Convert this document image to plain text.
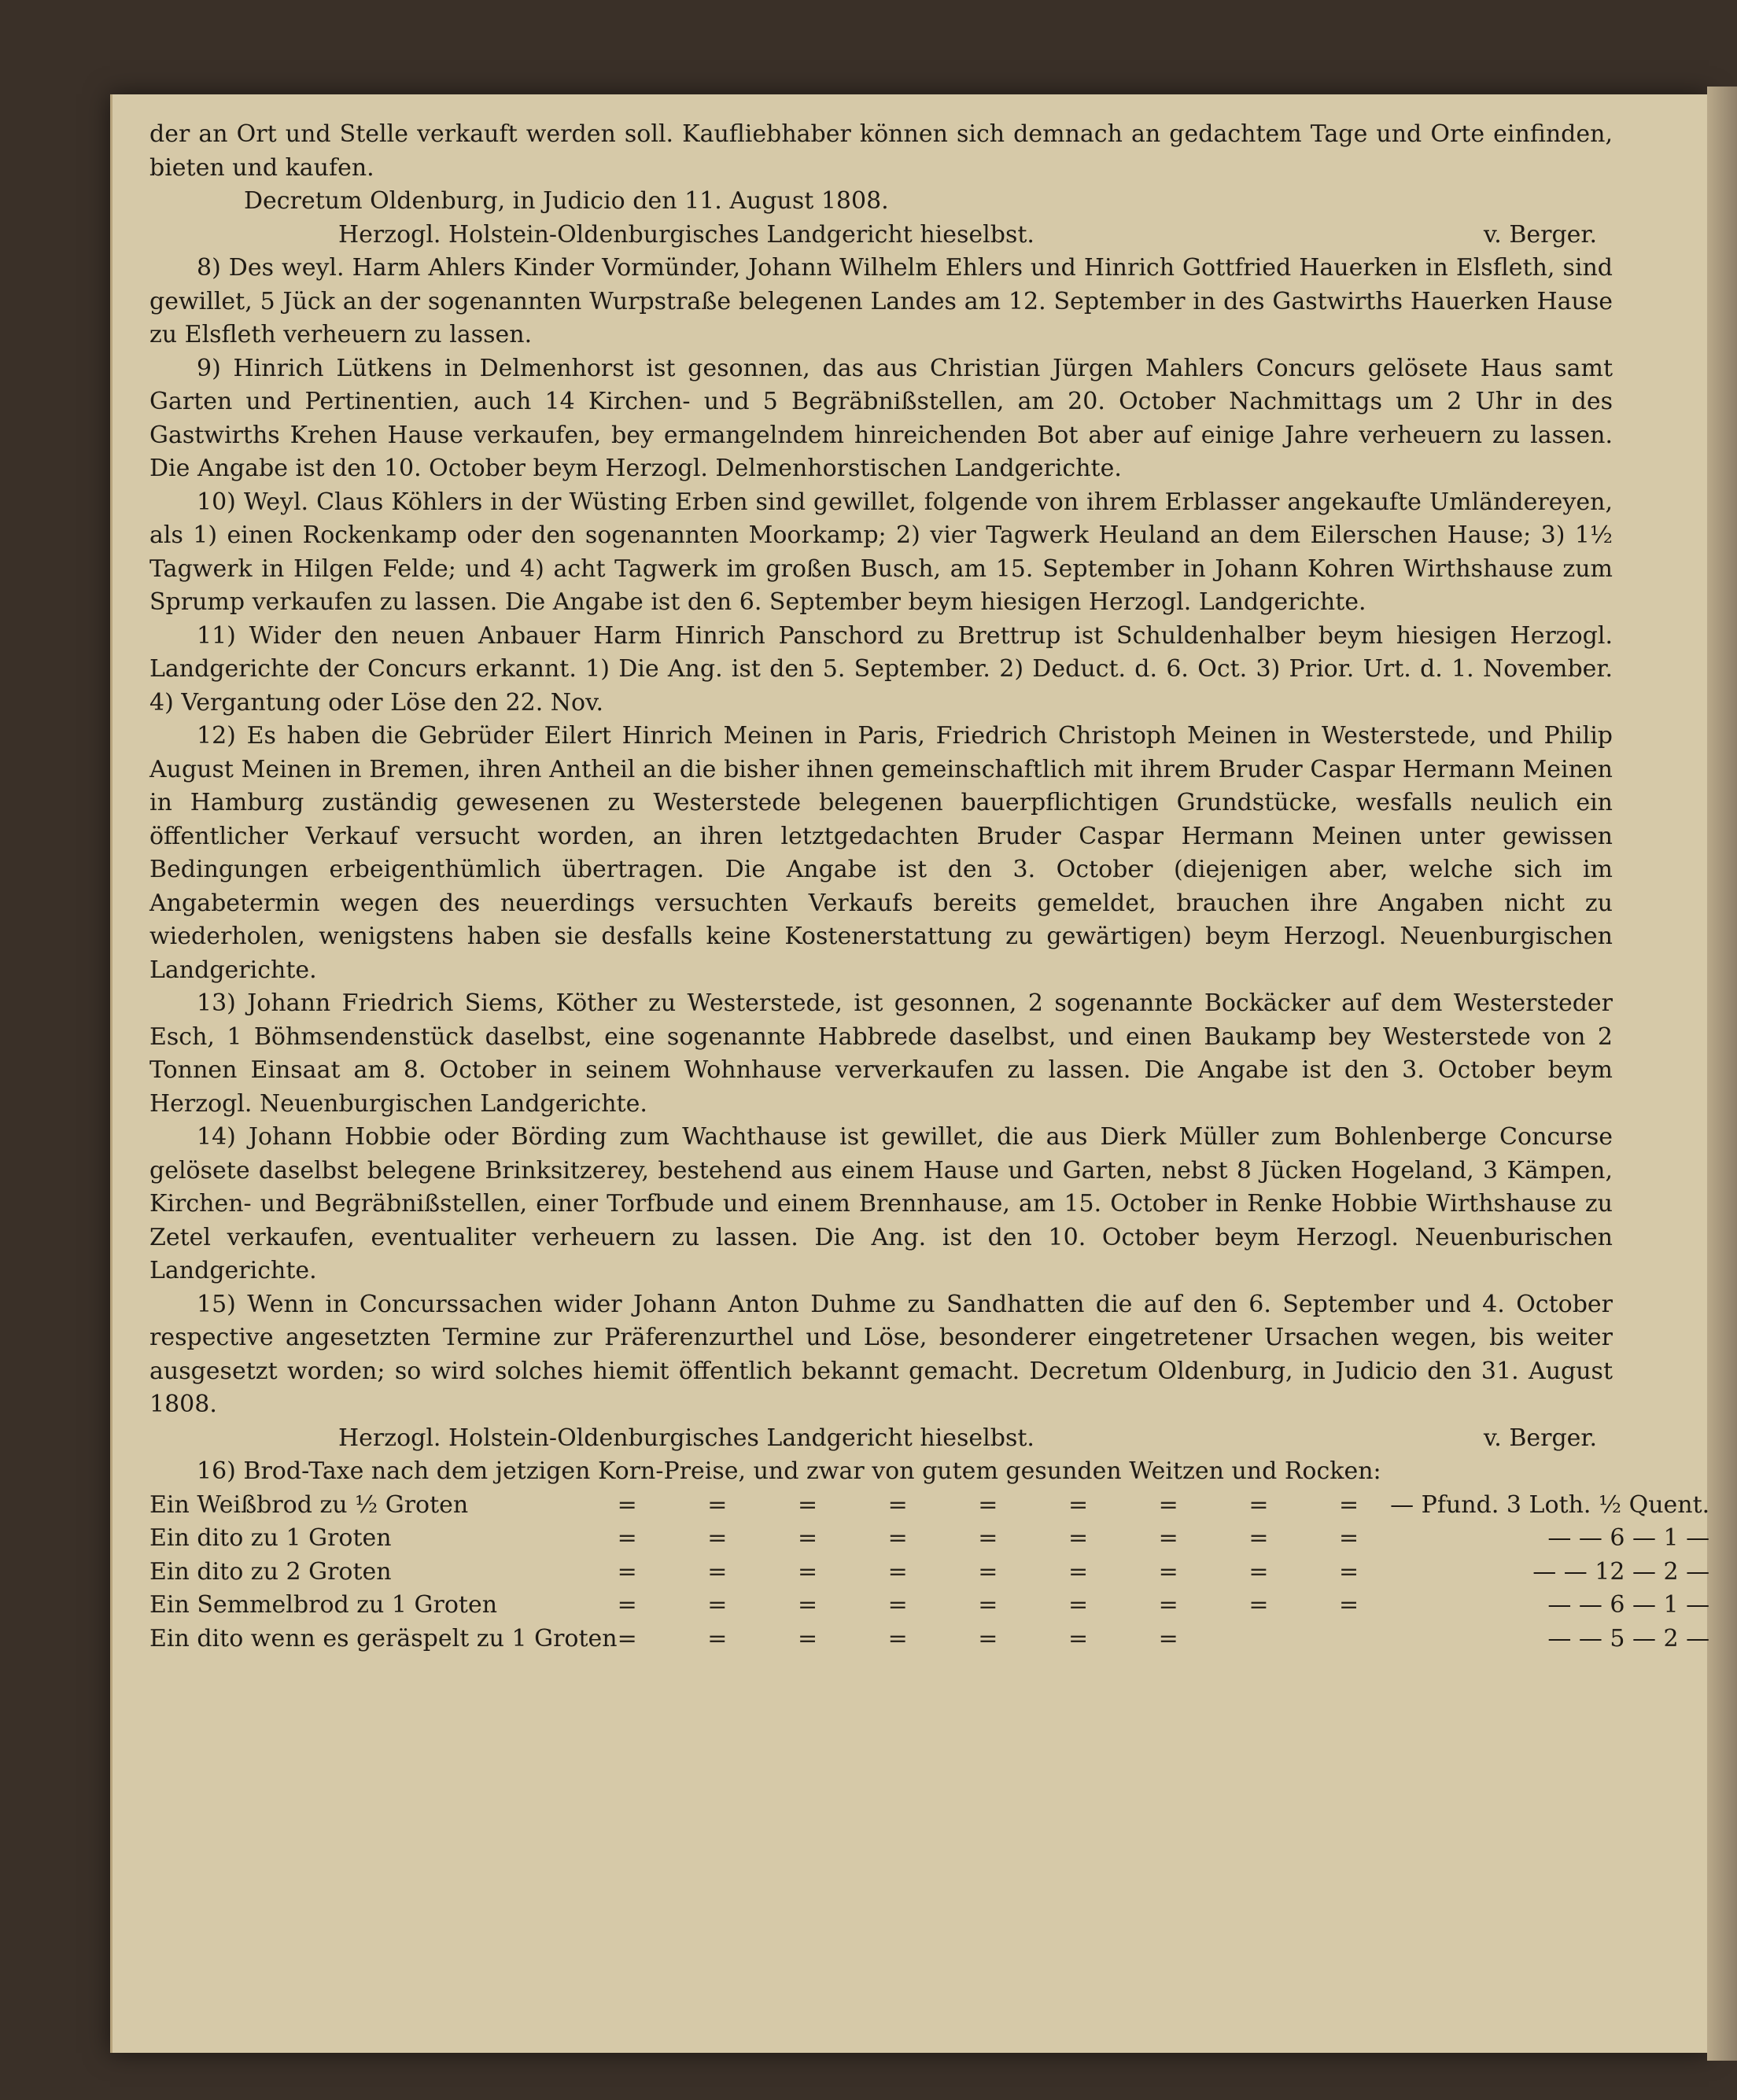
der an Ort und Stelle verkauft werden soll. Kaufliebhaber können sich demnach an gedachtem Tage und Orte einfinden, bieten und kaufen.

Decretum Oldenburg, in Judicio den 11. August 1808.

Herzogl. Holstein-Oldenburgisches Landgericht hieselbst.	v. Berger.

8) Des weyl. Harm Ahlers Kinder Vormünder, Johann Wilhelm Ehlers und Hinrich Gottfried Hauerken in Elsfleth, sind gewillet, 5 Jück an der sogenannten Wurpstraße belegenen Landes am 12. September in des Gastwirths Hauerken Hause zu Elsfleth verheuern zu lassen.

9) Hinrich Lütkens in Delmenhorst ist gesonnen, das aus Christian Jürgen Mahlers Concurs gelösete Haus samt Garten und Pertinentien, auch 14 Kirchen- und 5 Begräbnißstellen, am 20. October Nachmittags um 2 Uhr in des Gastwirths Krehen Hause verkaufen, bey ermangelndem hinreichenden Bot aber auf einige Jahre verheuern zu lassen. Die Angabe ist den 10. October beym Herzogl. Delmenhorstischen Landgerichte.

10) Weyl. Claus Köhlers in der Wüsting Erben sind gewillet, folgende von ihrem Erblasser angekaufte Umländereyen, als 1) einen Rockenkamp oder den sogenannten Moorkamp; 2) vier Tagwerk Heuland an dem Eilerschen Hause; 3) 1½ Tagwerk in Hilgen Felde; und 4) acht Tagwerk im großen Busch, am 15. September in Johann Kohren Wirthshause zum Sprump verkaufen zu lassen. Die Angabe ist den 6. September beym hiesigen Herzogl. Landgerichte.

11) Wider den neuen Anbauer Harm Hinrich Panschord zu Brettrup ist Schuldenhalber beym hiesigen Herzogl. Landgerichte der Concurs erkannt. 1) Die Ang. ist den 5. September. 2) Deduct. d. 6. Oct. 3) Prior. Urt. d. 1. November. 4) Vergantung oder Löse den 22. Nov.

12) Es haben die Gebrüder Eilert Hinrich Meinen in Paris, Friedrich Christoph Meinen in Westerstede, und Philip August Meinen in Bremen, ihren Antheil an die bisher ihnen gemeinschaftlich mit ihrem Bruder Caspar Hermann Meinen in Hamburg zuständig gewesenen zu Westerstede belegenen bauerpflichtigen Grundstücke, wesfalls neulich ein öffentlicher Verkauf versucht worden, an ihren letztgedachten Bruder Caspar Hermann Meinen unter gewissen Bedingungen erbeigenthümlich übertragen. Die Angabe ist den 3. October (diejenigen aber, welche sich im Angabetermin wegen des neuerdings versuchten Verkaufs bereits gemeldet, brauchen ihre Angaben nicht zu wiederholen, wenigstens haben sie desfalls keine Kostenerstattung zu gewärtigen) beym Herzogl. Neuenburgischen Landgerichte.

13) Johann Friedrich Siems, Köther zu Westerstede, ist gesonnen, 2 sogenannte Bockäcker auf dem Westersteder Esch, 1 Böhmsendenstück daselbst, eine sogenannte Habbrede daselbst, und einen Baukamp bey Westerstede von 2 Tonnen Einsaat am 8. October in seinem Wohnhause ververkaufen zu lassen. Die Angabe ist den 3. October beym Herzogl. Neuenburgischen Landgerichte.

14) Johann Hobbie oder Börding zum Wachthause ist gewillet, die aus Dierk Müller zum Bohlenberge Concurse gelösete daselbst belegene Brinksitzerey, bestehend aus einem Hause und Garten, nebst 8 Jücken Hogeland, 3 Kämpen, Kirchen- und Begräbnißstellen, einer Torfbude und einem Brennhause, am 15. October in Renke Hobbie Wirthshause zu Zetel verkaufen, eventualiter verheuern zu lassen. Die Ang. ist den 10. October beym Herzogl. Neuenburischen Landgerichte.

15) Wenn in Concurssachen wider Johann Anton Duhme zu Sandhatten die auf den 6. September und 4. October respective angesetzten Termine zur Präferenzurthel und Löse, besonderer eingetretener Ursachen wegen, bis weiter ausgesetzt worden; so wird solches hiemit öffentlich bekannt gemacht. Decretum Oldenburg, in Judicio den 31. August 1808.

Herzogl. Holstein-Oldenburgisches Landgericht hieselbst.	v. Berger.

16) Brod-Taxe nach dem jetzigen Korn-Preise, und zwar von gutem gesunden Weitzen und Rocken:

Ein Weißbrod zu ½ Groten	= = = = = = = = =	— Pfund. 3 Loth. ½ Quent.
Ein dito zu 1 Groten	= = = = = = = = =	— — 6 — 1 —
Ein dito zu 2 Groten	= = = = = = = = =	— — 12 — 2 —
Ein Semmelbrod zu 1 Groten	= = = = = = = = =	— — 6 — 1 —
Ein dito wenn es geräspelt zu 1 Groten	= = = = = = =	— — 5 — 2 —
